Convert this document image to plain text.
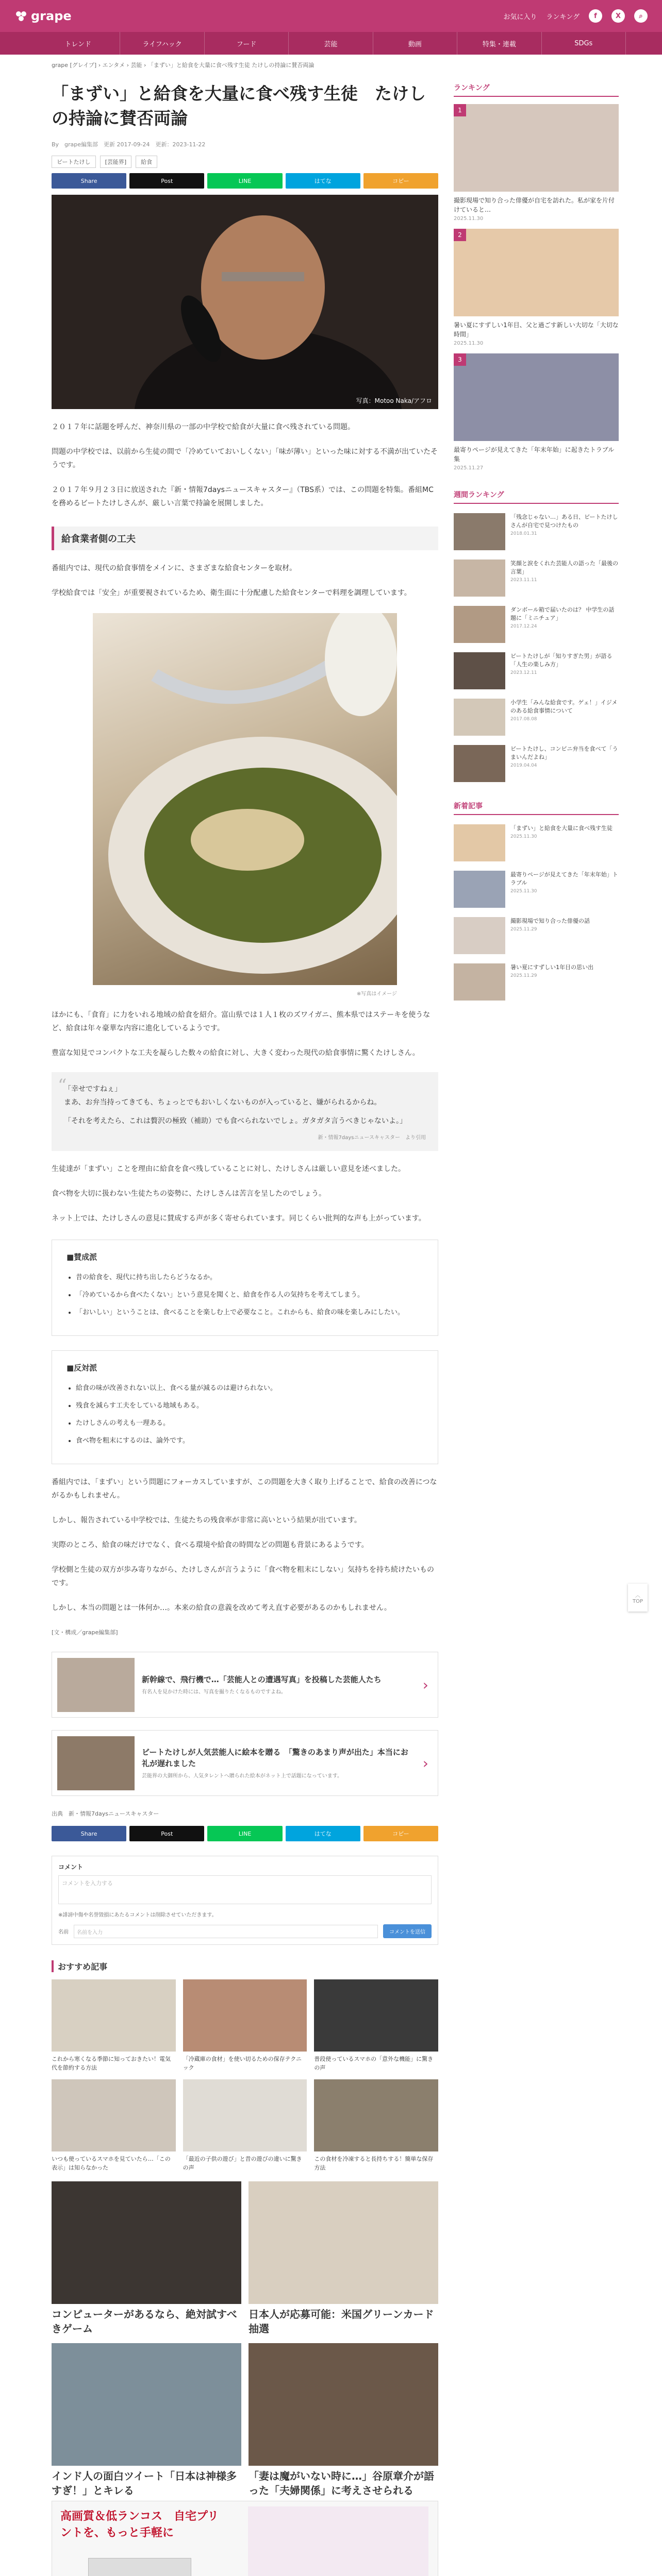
grape	お気に入り ランキング	f	X	⌕
トレンド	ライフハック	フード	芸能	動画	特集・連載	SDGs
grape [グレイプ] › エンタメ › 芸能 › 「まずい」と給食を大量に食べ残す生徒 たけしの持論に賛否両論
「まずい」と給食を大量に食べ残す生徒　たけしの持論に賛否両論
By　grape編集部　更新 2017-09-24　更新：2023-11-22
ビートたけし	[芸能界]	給食
Share	Post	LINE	はてな	コピー
写真：Motoo Naka/アフロ

２０１７年に話題を呼んだ、神奈川県の一部の中学校で給食が大量に食べ残されている問題。

問題の中学校では、以前から生徒の間で「冷めていておいしくない」「味が薄い」といった味に対する不満が出ていたそうです。

２０１７年９月２３日に放送された『新・情報7daysニュースキャスター』（TBS系）では、この問題を特集。番組MCを務めるビートたけしさんが、厳しい言葉で持論を展開しました。

給食業者側の工夫

番組内では、現代の給食事情をメインに、さまざまな給食センターを取材。

学校給食では「安全」が重要視されているため、衛生面に十分配慮した給食センターで料理を調理しています。

※写真はイメージ

ほかにも、「食育」に力をいれる地域の給食を紹介。富山県では１人１枚のズワイガニ、熊本県ではステーキを使うなど、給食は年々豪華な内容に進化しているようです。

豊富な知見でコンパクトな工夫を凝らした数々の給食に対し、大きく変わった現代の給食事情に驚くたけしさん。

“

「幸せですねぇ」
まあ、お弁当持ってきても、ちょっとでもおいしくないものが入っていると、嫌がられるからね。

「それを考えたら、これは贅沢の極致（補助）でも食べられないでしょ。ガタガタ言うべきじゃないよ。」

新・情報7daysニュースキャスター　より引用

生徒達が「まずい」ことを理由に給食を食べ残していることに対し、たけしさんは厳しい意見を述べました。

食べ物を大切に扱わない生徒たちの姿勢に、たけしさんは苦言を呈したのでしょう。

ネット上では、たけしさんの意見に賛成する声が多く寄せられています。同じくらい批判的な声も上がっています。

■賛成派
• 昔の給食を、現代に持ち出したらどうなるか。
• 「冷めているから食べたくない」という意見を聞くと、給食を作る人の気持ちを考えてしまう。
• 「おいしい」ということは、食べることを楽しむ上で必要なこと。これからも、給食の味を楽しみにしたい。
■反対派
• 給食の味が改善されない以上、食べる量が減るのは避けられない。
• 残食を減らす工夫をしている地域もある。
• たけしさんの考えも一理ある。
• 食べ物を粗末にするのは、論外です。

番組内では、「まずい」という問題にフォーカスしていますが、この問題を大きく取り上げることで、給食の改善につながるかもしれません。

しかし、報告されている中学校では、生徒たちの残食率が非常に高いという結果が出ています。

実際のところ、給食の味だけでなく、食べる環境や給食の時間などの問題も背景にあるようです。

学校側と生徒の双方が歩み寄りながら、たけしさんが言うように「食べ物を粗末にしない」気持ちを持ち続けたいものです。

しかし、本当の問題とは一体何か…。本来の給食の意義を改めて考え直す必要があるのかもしれません。

[文・構成／grape編集部]

新幹線で、飛行機で…「芸能人との遭遇写真」を投稿した芸能人たち
有名人を見かけた時には、写真を撮りたくなるものですよね。	›
ビートたけしが人気芸能人に絵本を贈る　「驚きのあまり声が出た」本当にお礼が遅れました
芸能界の大御所から、人気タレントへ贈られた絵本がネット上で話題になっています。
›

出典　新・情報7daysニュースキャスター

Share	Post	LINE	はてな	コピー
コメント
コメントを入力する
※誹謗中傷や名誉毀損にあたるコメントは削除させていただきます。
名前	名前を入力	コメントを送信
おすすめ記事
これから寒くなる季節に知っておきたい！電気代を節約する方法
「冷蔵庫の食材」を使い切るための保存テクニック
普段使っているスマホの「意外な機能」に驚きの声
いつも使っているスマホを見ていたら…「この表示」は知らなかった
「最近の子供の遊び」と昔の遊びの違いに驚きの声
この食材を冷凍すると長持ちする！簡単な保存方法
コンピューターがあるなら、絶対試すべきゲーム
日本人が応募可能：米国グリーンカード抽選
インド人の面白ツイート「日本は神様多すぎ！」とキレる
「妻は魔がいない時に…」谷原章介が語った「夫婦関係」に考えさせられる
高画質＆低ランコス　自宅プリントを、もっと手軽に
ランキング
1
撮影現場で知り合った俳優が自宅を訪れた。私が家を片付けていると…
2025.11.30
2
暑い夏にすずしい1年目、父と過ごす新しい大切な「大切な時間」
2025.11.30
3
最寄りページが見えてきた「年末年始」に起きたトラブル集
2025.11.27
週間ランキング
「残念じゃない…」ある日、ビートたけしさんが自宅で見つけたもの
2018.01.31
笑顔と涙をくれた芸能人の語った「最後の言葉」
2023.11.11
ダンボール箱で届いたのは？ 中学生の話題に「ミニチュア」
2017.12.24
ビートたけしが「知りすぎた男」が語る「人生の楽しみ方」
2023.12.11
小学生「みんな給食です。ゲェ！」イジメのある給食事情について
2017.08.08
ビートたけし、コンビニ弁当を食べて「うまいんだよね」
2019.04.04
新着記事
「まずい」と給食を大量に食べ残す生徒
2025.11.30
最寄りページが見えてきた「年末年始」トラブル
2025.11.30
撮影現場で知り合った俳優の話
2025.11.29
暑い夏にすずしい1年目の思い出
2025.11.29
︿
TOP
